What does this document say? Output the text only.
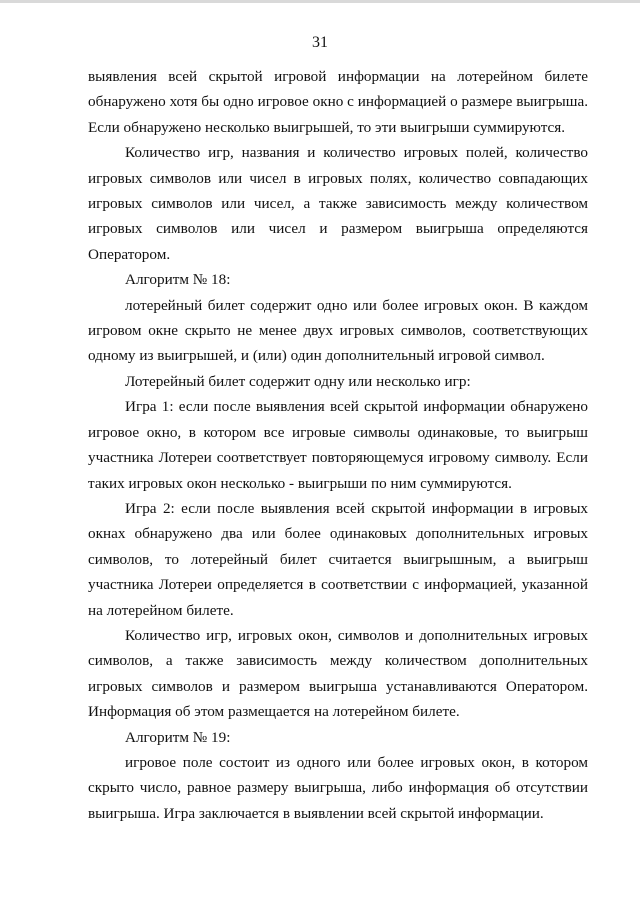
31

выявления всей скрытой игровой информации на лотерейном билете обнаружено хотя бы одно игровое окно с информацией о размере выигрыша. Если обнаружено несколько выигрышей, то эти выигрыши суммируются.

Количество игр, названия и количество игровых полей, количество игровых символов или чисел в игровых полях, количество совпадающих игровых символов или чисел, а также зависимость между количеством игровых символов или чисел и размером выигрыша определяются Оператором.

Алгоритм № 18:

лотерейный билет содержит одно или более игровых окон. В каждом игровом окне скрыто не менее двух игровых символов, соответствующих одному из выигрышей, и (или) один дополнительный игровой символ.

Лотерейный билет содержит одну или несколько игр:

Игра 1: если после выявления всей скрытой информации обнаружено игровое окно, в котором все игровые символы одинаковые, то выигрыш участника Лотереи соответствует повторяющемуся игровому символу. Если таких игровых окон несколько - выигрыши по ним суммируются.

Игра 2: если после выявления всей скрытой информации в игровых окнах обнаружено два или более одинаковых дополнительных игровых символов, то лотерейный билет считается выигрышным, а выигрыш участника Лотереи определяется в соответствии с информацией, указанной на лотерейном билете.

Количество игр, игровых окон, символов и дополнительных игровых символов, а также зависимость между количеством дополнительных игровых символов и размером выигрыша устанавливаются Оператором. Информация об этом размещается на лотерейном билете.

Алгоритм № 19:

игровое поле состоит из одного или более игровых окон, в котором скрыто число, равное размеру выигрыша, либо информация об отсутствии выигрыша. Игра заключается в выявлении всей скрытой информации.
